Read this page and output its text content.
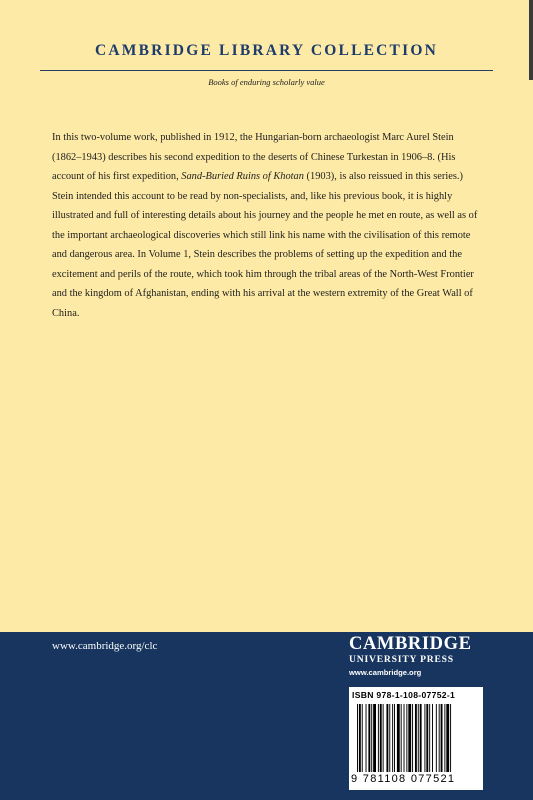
CAMBRIDGE LIBRARY COLLECTION
Books of enduring scholarly value
In this two-volume work, published in 1912, the Hungarian-born archaeologist Marc Aurel Stein (1862–1943) describes his second expedition to the deserts of Chinese Turkestan in 1906–8. (His account of his first expedition, Sand-Buried Ruins of Khotan (1903), is also reissued in this series.) Stein intended this account to be read by non-specialists, and, like his previous book, it is highly illustrated and full of interesting details about his journey and the people he met en route, as well as of the important archaeological discoveries which still link his name with the civilisation of this remote and dangerous area. In Volume 1, Stein describes the problems of setting up the expedition and the excitement and perils of the route, which took him through the tribal areas of the North-West Frontier and the kingdom of Afghanistan, ending with his arrival at the western extremity of the Great Wall of China.
www.cambridge.org/clc	CAMBRIDGE
UNIVERSITY PRESS
www.cambridge.org
ISBN 978-1-108-07752-1
9 781108 077521
